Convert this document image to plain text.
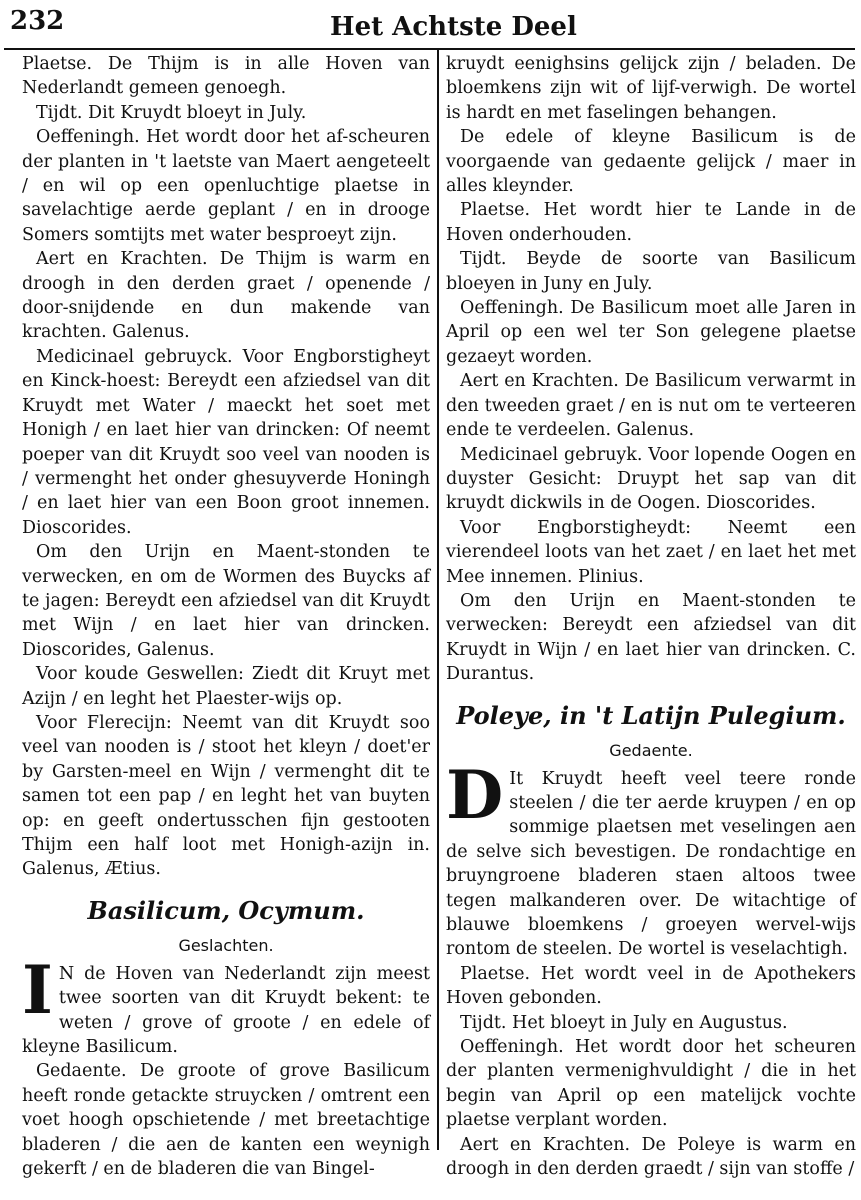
232	Het Achtste Deel

Plaetse. De Thijm is in alle Hoven van Nederlandt gemeen genoegh.

Tijdt. Dit Kruydt bloeyt in July.

Oeffeningh. Het wordt door het af-scheuren der planten in 't laetste van Maert aengeteelt / en wil op een openluchtige plaetse in savelachtige aerde geplant / en in drooge Somers somtijts met water besproeyt zijn.

Aert en Krachten. De Thijm is warm en droogh in den derden graet / openende / door-snijdende en dun makende van krachten. Galenus.

Medicinael gebruyck. Voor Engborstigheyt en Kinck-hoest: Bereydt een afziedsel van dit Kruydt met Water / maeckt het soet met Honigh / en laet hier van drincken: Of neemt poeper van dit Kruydt soo veel van nooden is / vermenght het onder ghesuyverde Honingh / en laet hier van een Boon groot innemen. Dioscorides.

Om den Urijn en Maent-stonden te verwecken, en om de Wormen des Buycks af te jagen: Bereydt een afziedsel van dit Kruydt met Wijn / en laet hier van drincken. Dioscorides, Galenus.

Voor koude Geswellen: Ziedt dit Kruyt met Azijn / en leght het Plaester-wijs op.

Voor Flerecijn: Neemt van dit Kruydt soo veel van nooden is / stoot het kleyn / doet'er by Garsten-meel en Wijn / vermenght dit te samen tot een pap / en leght het van buyten op: en geeft ondertusschen fijn gestooten Thijm een half loot met Honigh-azijn in. Galenus, Ætius.

Basilicum, Ocymum.
Geslachten.

I N de Hoven van Nederlandt zijn meest twee soorten van dit Kruydt bekent: te weten / grove of groote / en edele of kleyne Basilicum.

Gedaente. De groote of grove Basilicum heeft ronde getackte struycken / omtrent een voet hoogh opschietende / met breetachtige bladeren / die aen de kanten een weynigh gekerft / en de bladeren die van Bingel-

kruydt eenighsins gelijck zijn / beladen. De bloemkens zijn wit of lijf-verwigh. De wortel is hardt en met faselingen behangen.

De edele of kleyne Basilicum is de voorgaende van gedaente gelijck / maer in alles kleynder.

Plaetse. Het wordt hier te Lande in de Hoven onderhouden.

Tijdt. Beyde de soorte van Basilicum bloeyen in Juny en July.

Oeffeningh. De Basilicum moet alle Jaren in April op een wel ter Son gelegene plaetse gezaeyt worden.

Aert en Krachten. De Basilicum verwarmt in den tweeden graet / en is nut om te verteeren ende te verdeelen. Galenus.

Medicinael gebruyk. Voor lopende Oogen en duyster Gesicht: Druypt het sap van dit kruydt dickwils in de Oogen. Dioscorides.

Voor Engborstigheydt: Neemt een vierendeel loots van het zaet / en laet het met Mee innemen. Plinius.

Om den Urijn en Maent-stonden te verwecken: Bereydt een afziedsel van dit Kruydt in Wijn / en laet hier van drincken. C. Durantus.

Poleye, in 't Latijn Pulegium.
Gedaente.

D It Kruydt heeft veel teere ronde steelen / die ter aerde kruypen / en op sommige plaetsen met veselingen aen de selve sich bevestigen. De rondachtige en bruyngroene bladeren staen altoos twee tegen malkanderen over. De witachtige of blauwe bloemkens / groeyen wervel-wijs rontom de steelen. De wortel is veselachtigh.

Plaetse. Het wordt veel in de Apothekers Hoven gebonden.

Tijdt. Het bloeyt in July en Augustus.

Oeffeningh. Het wordt door het scheuren der planten vermenighvuldight / die in het begin van April op een matelijck vochte plaetse verplant worden.

Aert en Krachten. De Poleye is warm en droogh in den derden graedt / sijn van stoffe /
